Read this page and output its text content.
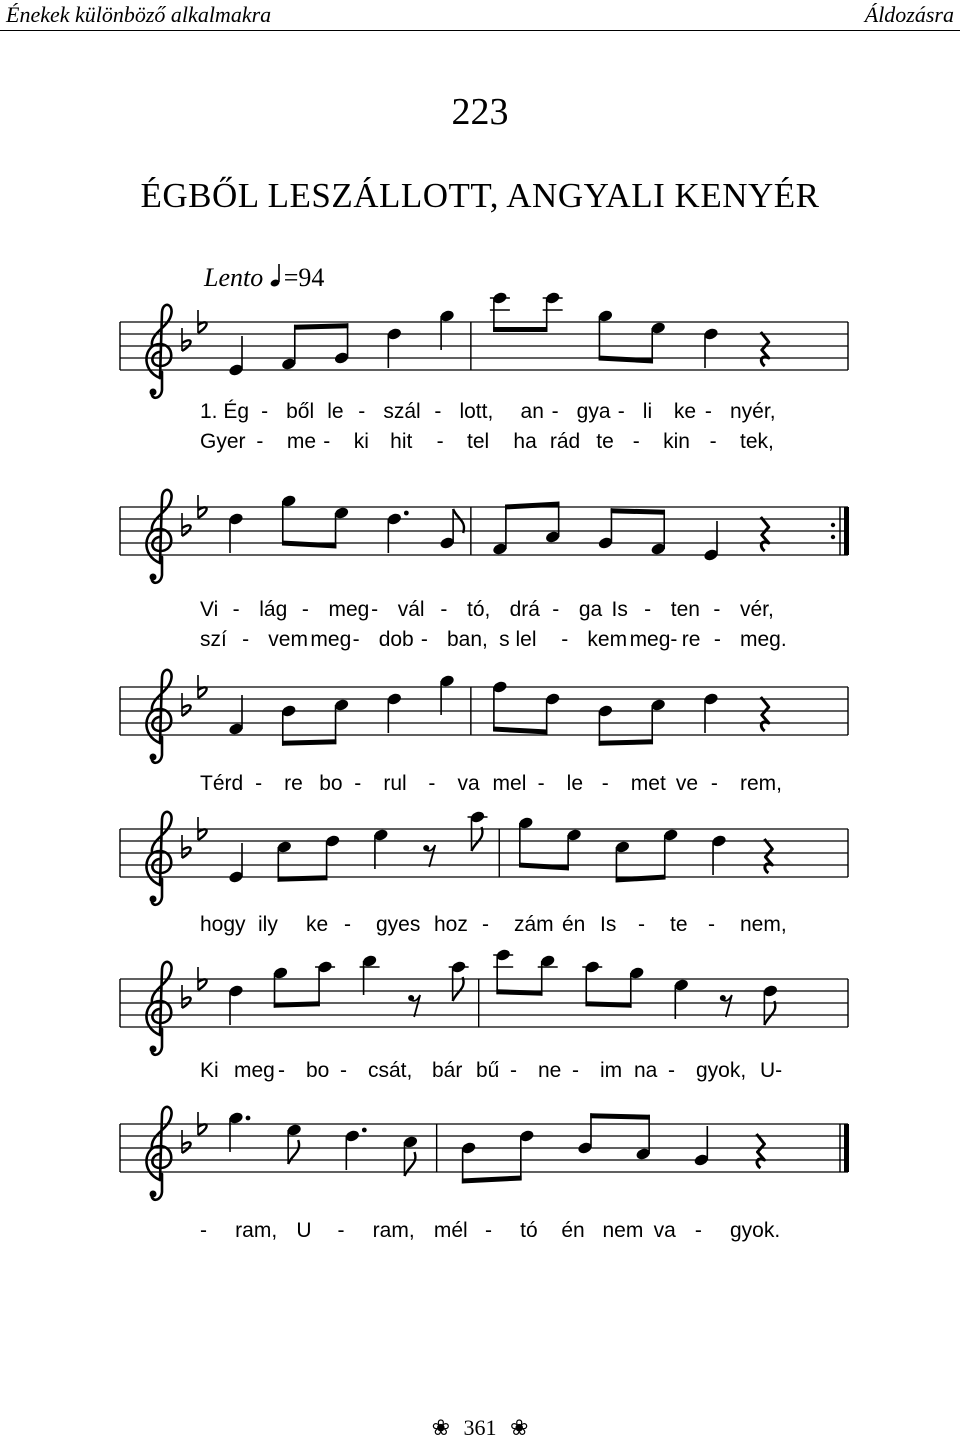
Énekek különböző alkalmakra	Áldozásra
223
ÉGBŐL LESZÁLLOTT, ANGYALI KENYÉR
Lento =94
1. Ég - ből le - szál - lott, an - gya - li ke - nyér,
Gyer - me - ki hit - tel ha rád te - kin - tek,
Vi - lág - meg - vál - tó, drá - ga Is - ten - vér,
szí - vem meg - dob - ban, s lel - kem meg- re - meg.
Térd - re bo - rul - va mel - le - met ve - rem,
hogy ily ke - gyes hoz - zám én Is - te - nem,
Ki meg - bo - csát, bár bű - ne - im na - gyok, U-
- ram, U - ram, mél - tó én nem va - gyok.
❀ 361 ❀
